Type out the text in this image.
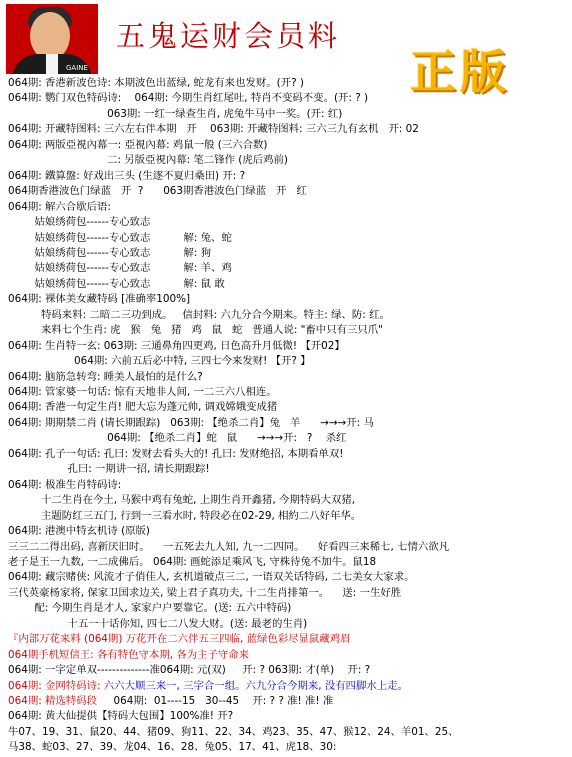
GAINE
五鬼运财会员料
正版
064期: 香港新波色诗: 本期波色出蓝绿, 蛇龙有来也发财。(开? )
064期: 鹦门双色特码诗:    064期: 今期生肖红尾吐, 特肖不变码不变。(开: ? )
063期: 一红一绿查生肖, 虎兔牛马中一奖。(开: 红)
064期: 开藏特图料: 三六左右伴本期   开    063期: 开藏特图料: 三六三九有玄机   开: 02
064期: 两版亞視內幕一: 亞視內幕: 鸡鼠一般 (三六合数)
二: 另版亞視內幕: 笔二锋作 (虎后鸡前)
064期: 鐵算盤: 好戏出三头 (生逐不夏归桑田) 开: ?
064期香港波色门绿蓝   开  ?      063期香港波色门绿蓝   开   红
064期: 解六合歇后语:
姑娘绣荷包------专心致志
姑娘绣荷包------专心致志          解: 兔、蛇
姑娘绣荷包------专心致志          解: 狗
姑娘绣荷包------专心致志          解: 羊、鸡
姑娘绣荷包------专心致志          解: 鼠 敢
064期: 裸体美女藏特码 [准确率100%]
特码来料: 二暗二三功到成。   信封料: 六九分合今期来。特主: 绿、防: 红。
来料七个生肖: 虎   猴   兔   猪   鸡   鼠   蛇   普通人说: "畜中只有三只爪"
064期: 生肖特一玄: 063期: 三通鼻角四更鸡, 日色高升月低微! 【开02】
064期: 六前五后必中特, 三四七今来发财! 【开? 】
064期: 脑筋急转弯: 睡美人最怕的是什么?
064期: 管家婆一句话: 惊有天地非人间, 一二三六八相连。
064期: 香港一句定生肖! 肥大忘为蓬元帅, 调戏嫦娥变成猪
064期: 期期禁二肖 (请长期跟踪)   063期: 【绝杀二肖】兔   羊      →→→开: 马
064期: 【绝杀二肖】蛇   鼠      →→→开:   ?    杀红
064期: 孔子一句话: 孔曰: 发财去看头大的! 孔曰: 发财绝招, 本期看单双!
孔曰: 一期讲一招, 请长期跟踪!
064期: 极准生肖特码诗:
十二生肖在今土, 马猴中鸡有兔蛇, 上期生肖开鑫猪, 今期特码大双猪,
主题防红三五门, 行到一三看水时, 特段必在02-29, 相約二八好年华。
064期: 港澳中特玄机诗 (原版)
三三二二得出码, 喜新厌旧时。    一五死去九人知, 九一二四同。    好看四三来稀七, 七情六欲凡
老子是王一九数, 一二成佛后。 064期: 画蛇添足乘风飞, 守株待兔不加牛。鼠18
064期: 藏宗赌侠: 风流才子俏佳人, 玄机道破点三二, 一语双关话特码, 二七美女大家求。
三代英豪杨家将, 保家卫国求边关, 梁上君子真功夫, 十二生肖排第一。    送: 一生好胜
配: 今期生肖是才人, 家家户户要靠它。(送: 五六中特码)
十五一十话你知, 四七二八发大财。(送: 最老的生肖)
『内部万花来料 (064期) 万花开在二六伴五三四临, 蓝绿色彩尽显鼠藏鸡眉
064期手机短信王: 各有特色守本期, 各为主子守命来
064期: 一字定单双--------------准064期: 元(双)     开: ? 063期: 才(单)    开: ?
064期: 金网特码诗: 六六大顺三来一, 三字合一组。六九分合今期来, 没有四脚水上走。
064期: 精选特码段     064期:  01----15   30--45    开: ? ? 准! 准! 准
064期: 黄大仙提供【特码大包围】100%准! 开?
牛07、19、31、鼠20、44、猪09、狗11、22、34、鸡23、35、47、猴12、24、羊01、25、
马38、蛇03、27、39、龙04、16、28、兔05、17、41、虎18、30:
